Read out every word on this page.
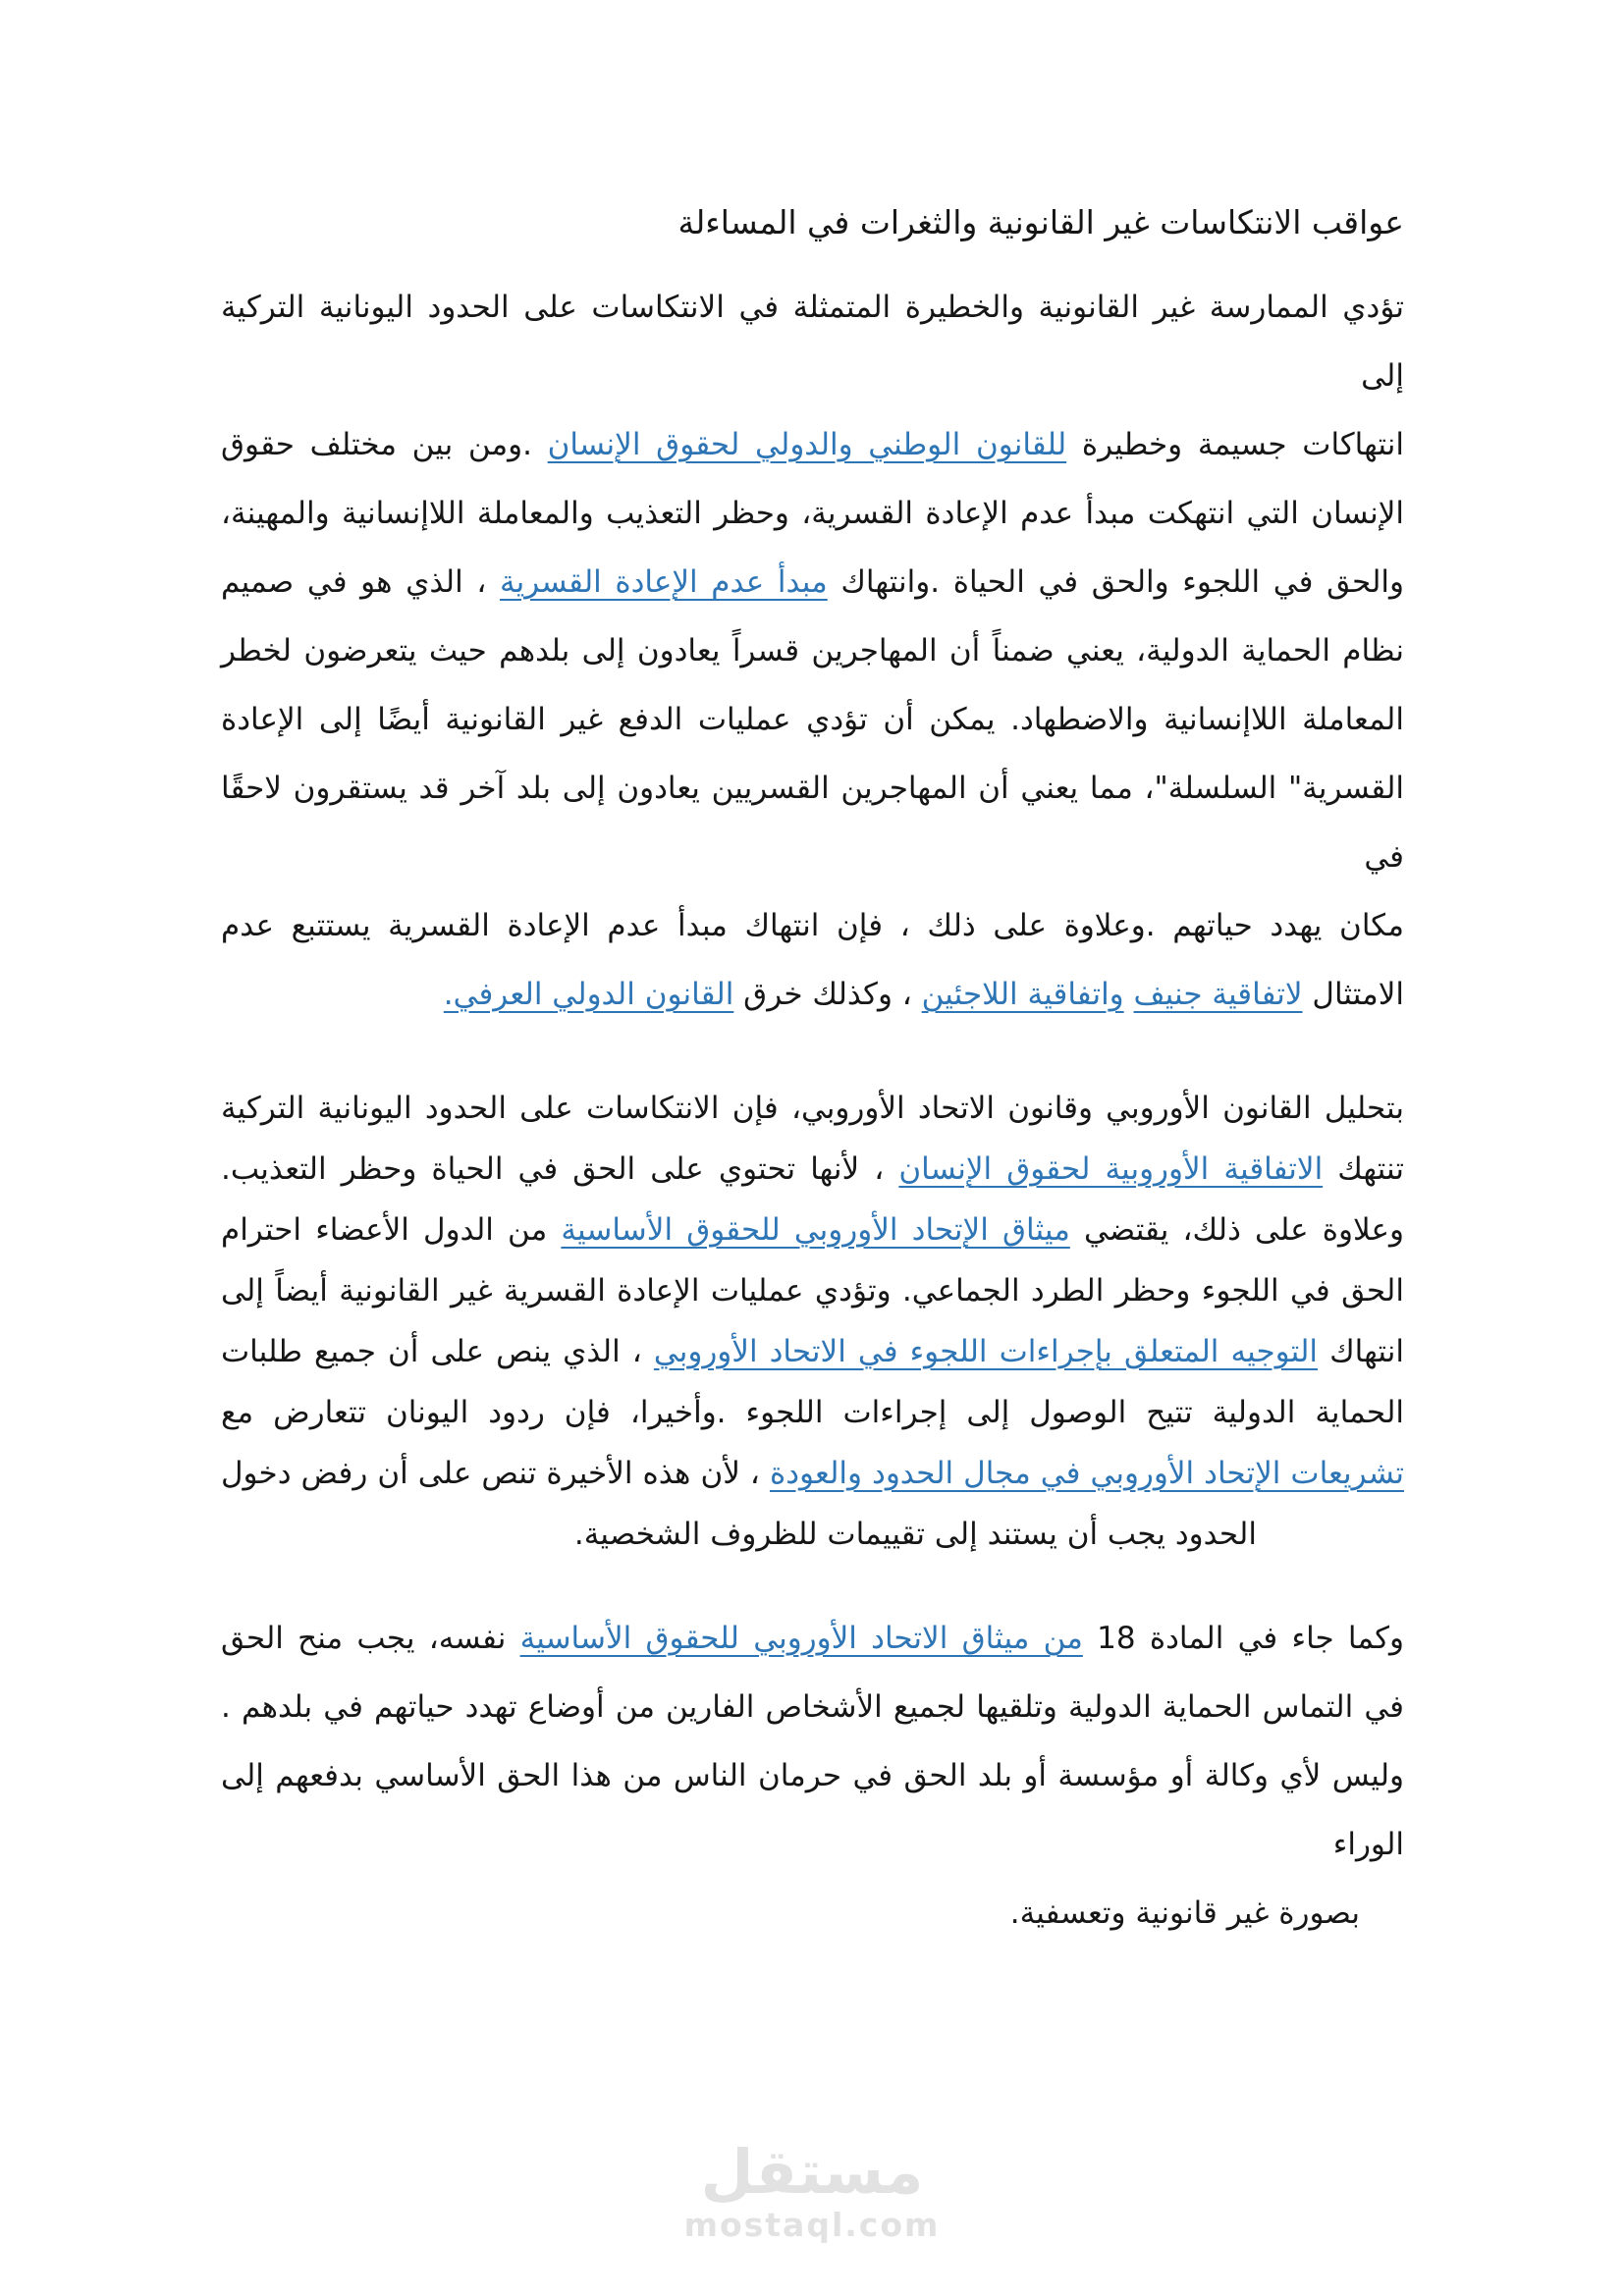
عواقب الانتكاسات غير القانونية والثغرات في المساءلة
تؤدي الممارسة غير القانونية والخطيرة المتمثلة في الانتكاسات على الحدود اليونانية التركية إلى
انتهاكات جسيمة وخطيرة للقانون الوطني والدولي لحقوق الإنسان .ومن بين مختلف حقوق
الإنسان التي انتهكت مبدأ عدم الإعادة القسرية، وحظر التعذيب والمعاملة اللاإنسانية والمهينة،
والحق في اللجوء والحق في الحياة .وانتهاك مبدأ عدم الإعادة القسرية ، الذي هو في صميم
نظام الحماية الدولية، يعني ضمناً أن المهاجرين قسراً يعادون إلى بلدهم حيث يتعرضون لخطر
المعاملة اللاإنسانية والاضطهاد. يمكن أن تؤدي عمليات الدفع غير القانونية أيضًا إلى الإعادة
القسرية" السلسلة"، مما يعني أن المهاجرين القسريين يعادون إلى بلد آخر قد يستقرون لاحقًا في
مكان يهدد حياتهم .وعلاوة على ذلك ، فإن انتهاك مبدأ عدم الإعادة القسرية يستتبع عدم
الامتثال لاتفاقية جنيف واتفاقية اللاجئين ، وكذلك خرق القانون الدولي العرفي.
بتحليل القانون الأوروبي وقانون الاتحاد الأوروبي، فإن الانتكاسات على الحدود اليونانية التركية
تنتهك الاتفاقية الأوروبية لحقوق الإنسان ، لأنها تحتوي على الحق في الحياة وحظر التعذيب.
وعلاوة على ذلك، يقتضي ميثاق الإتحاد الأوروبي للحقوق الأساسية من الدول الأعضاء احترام
الحق في اللجوء وحظر الطرد الجماعي. وتؤدي عمليات الإعادة القسرية غير القانونية أيضاً إلى
انتهاك التوجيه المتعلق بإجراءات اللجوء في الاتحاد الأوروبي ، الذي ينص على أن جميع طلبات
الحماية الدولية تتيح الوصول إلى إجراءات اللجوء .وأخيرا، فإن ردود اليونان تتعارض مع
تشريعات الإتحاد الأوروبي في مجال الحدود والعودة ، لأن هذه الأخيرة تنص على أن رفض دخول
الحدود يجب أن يستند إلى تقييمات للظروف الشخصية.
وكما جاء في المادة 18 من ميثاق الاتحاد الأوروبي للحقوق الأساسية نفسه، يجب منح الحق
في التماس الحماية الدولية وتلقيها لجميع الأشخاص الفارين من أوضاع تهدد حياتهم في بلدهم .
وليس لأي وكالة أو مؤسسة أو بلد الحق في حرمان الناس من هذا الحق الأساسي بدفعهم إلى الوراء
بصورة غير قانونية وتعسفية.
مستقل
mostaql.com
